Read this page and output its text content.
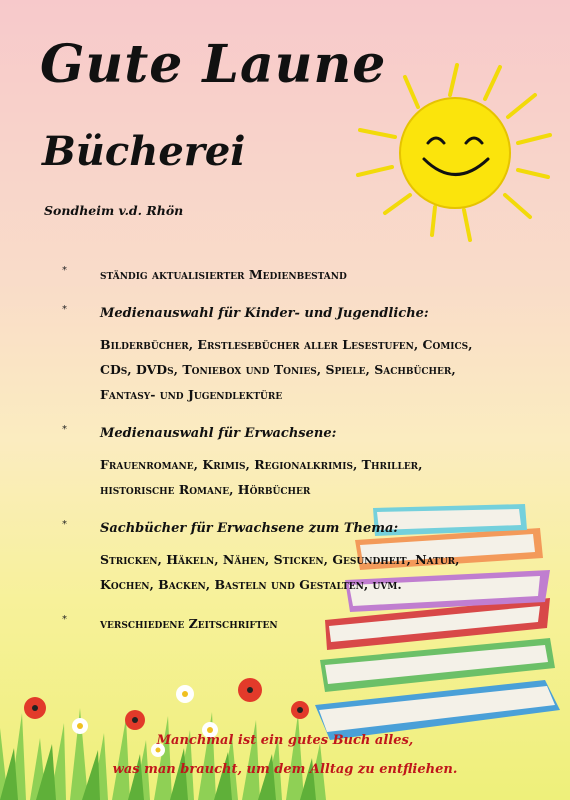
Gute Laune
Bücherei
Sondheim v.d. Rhön
*	ständig aktualisierter Medienbestand
*	Medienauswahl für Kinder- und Jugendliche:
Bilderbücher, Erstlesebücher aller Lesestufen, Comics,
CDs, DVDs, Toniebox und Tonies, Spiele, Sachbücher,
Fantasy- und Jugendlektüre
*	Medienauswahl für Erwachsene:
Frauenromane, Krimis, Regionalkrimis, Thriller,
historische Romane, Hörbücher
*	Sachbücher für Erwachsene zum Thema:
Stricken, Häkeln, Nähen, Sticken, Gesundheit, Natur,
Kochen, Backen, Basteln und Gestalten, uvm.
*	verschiedene Zeitschriften
Manchmal ist ein gutes Buch alles,
was man braucht, um dem Alltag zu entfliehen.
